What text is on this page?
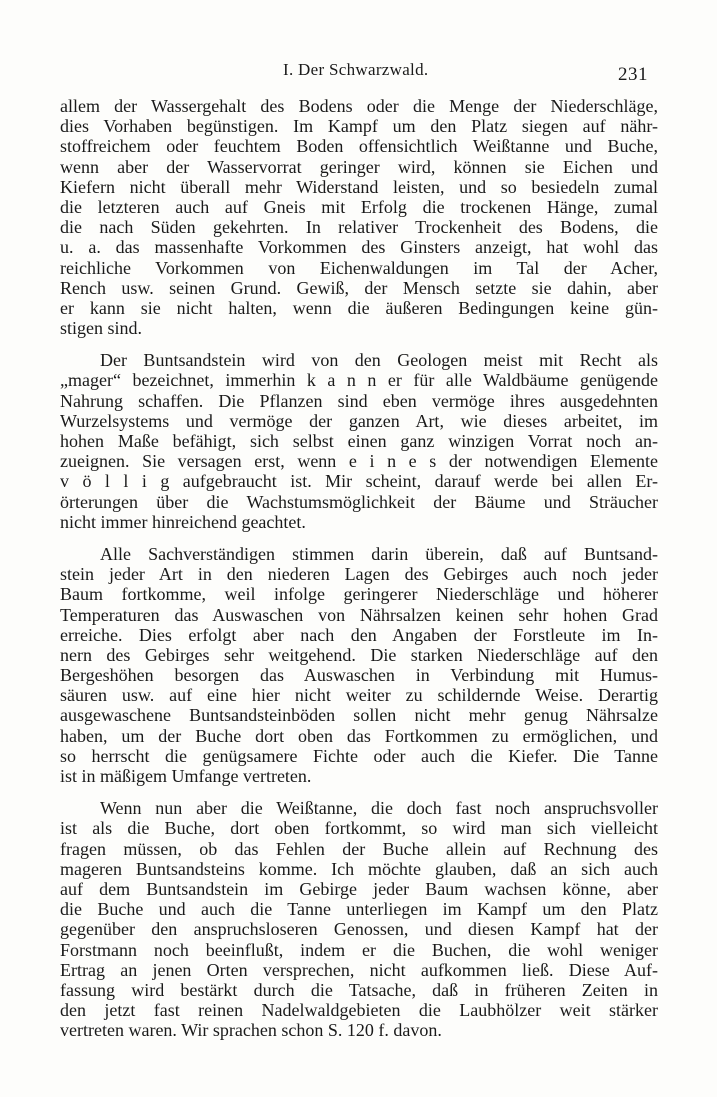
I. Der Schwarzwald.	231
allem der Wassergehalt des Bodens oder die Menge der Niederschläge,
dies Vorhaben begünstigen. Im Kampf um den Platz siegen auf nähr-
stoffreichem oder feuchtem Boden offensichtlich Weißtanne und Buche,
wenn aber der Wasservorrat geringer wird, können sie Eichen und
Kiefern nicht überall mehr Widerstand leisten, und so besiedeln zumal
die letzteren auch auf Gneis mit Erfolg die trockenen Hänge, zumal
die nach Süden gekehrten. In relativer Trockenheit des Bodens, die
u. a. das massenhafte Vorkommen des Ginsters anzeigt, hat wohl das
reichliche Vorkommen von Eichenwaldungen im Tal der Acher,
Rench usw. seinen Grund. Gewiß, der Mensch setzte sie dahin, aber
er kann sie nicht halten, wenn die äußeren Bedingungen keine gün-
stigen sind.
Der Buntsandstein wird von den Geologen meist mit Recht als
„mager“ bezeichnet, immerhin k a n n er für alle Waldbäume genügende
Nahrung schaffen. Die Pflanzen sind eben vermöge ihres ausgedehnten
Wurzelsystems und vermöge der ganzen Art, wie dieses arbeitet, im
hohen Maße befähigt, sich selbst einen ganz winzigen Vorrat noch an-
zueignen. Sie versagen erst, wenn e i n e s der notwendigen Elemente
v ö l l i g aufgebraucht ist. Mir scheint, darauf werde bei allen Er-
örterungen über die Wachstumsmöglichkeit der Bäume und Sträucher
nicht immer hinreichend geachtet.
Alle Sachverständigen stimmen darin überein, daß auf Buntsand-
stein jeder Art in den niederen Lagen des Gebirges auch noch jeder
Baum fortkomme, weil infolge geringerer Niederschläge und höherer
Temperaturen das Auswaschen von Nährsalzen keinen sehr hohen Grad
erreiche. Dies erfolgt aber nach den Angaben der Forstleute im In-
nern des Gebirges sehr weitgehend. Die starken Niederschläge auf den
Bergeshöhen besorgen das Auswaschen in Verbindung mit Humus-
säuren usw. auf eine hier nicht weiter zu schildernde Weise. Derartig
ausgewaschene Buntsandsteinböden sollen nicht mehr genug Nährsalze
haben, um der Buche dort oben das Fortkommen zu ermöglichen, und
so herrscht die genügsamere Fichte oder auch die Kiefer. Die Tanne
ist in mäßigem Umfange vertreten.
Wenn nun aber die Weißtanne, die doch fast noch anspruchsvoller
ist als die Buche, dort oben fortkommt, so wird man sich vielleicht
fragen müssen, ob das Fehlen der Buche allein auf Rechnung des
mageren Buntsandsteins komme. Ich möchte glauben, daß an sich auch
auf dem Buntsandstein im Gebirge jeder Baum wachsen könne, aber
die Buche und auch die Tanne unterliegen im Kampf um den Platz
gegenüber den anspruchsloseren Genossen, und diesen Kampf hat der
Forstmann noch beeinflußt, indem er die Buchen, die wohl weniger
Ertrag an jenen Orten versprechen, nicht aufkommen ließ. Diese Auf-
fassung wird bestärkt durch die Tatsache, daß in früheren Zeiten in
den jetzt fast reinen Nadelwaldgebieten die Laubhölzer weit stärker
vertreten waren. Wir sprachen schon S. 120 f. davon.
